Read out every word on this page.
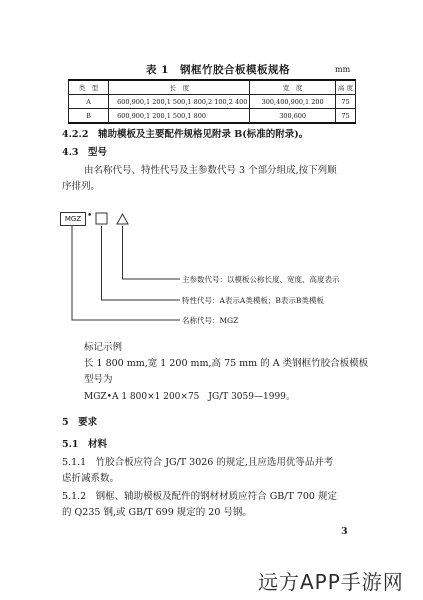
表 1　钢框竹胶合板模板规格	mm
类　型	长　度	宽　度	高 度
A	600,900,1 200,1 500,1 800,2 100,2 400	300,400,900,1 200	75
B	600,900,1 200,1 500,1 800	300,600	75
4.2.2　辅助模板及主要配件规格见附录 B(标准的附录)。
4.3　型号
由名称代号、特性代号及主参数代号 3 个部分组成,按下列顺
序排列。
MGZ •
主参数代号：以模板公称长度、宽度、高度表示
特性代号：A表示A类模板；B表示B类模板
名称代号：MGZ
标记示例
长 1 800 mm,宽 1 200 mm,高 75 mm 的 A 类钢框竹胶合板模板
型号为
MGZ•A 1 800×1 200×75　JG/T 3059—1999。
5　要求
5.1　材料
5.1.1　竹胶合板应符合 JG/T 3026 的规定,且应选用优等品并考
虑折减系数。
5.1.2　钢框、辅助模板及配件的钢材材质应符合 GB/T 700 规定
的 Q235 钢,或 GB/T 699 规定的 20 号钢。
3
远方APP手游网
